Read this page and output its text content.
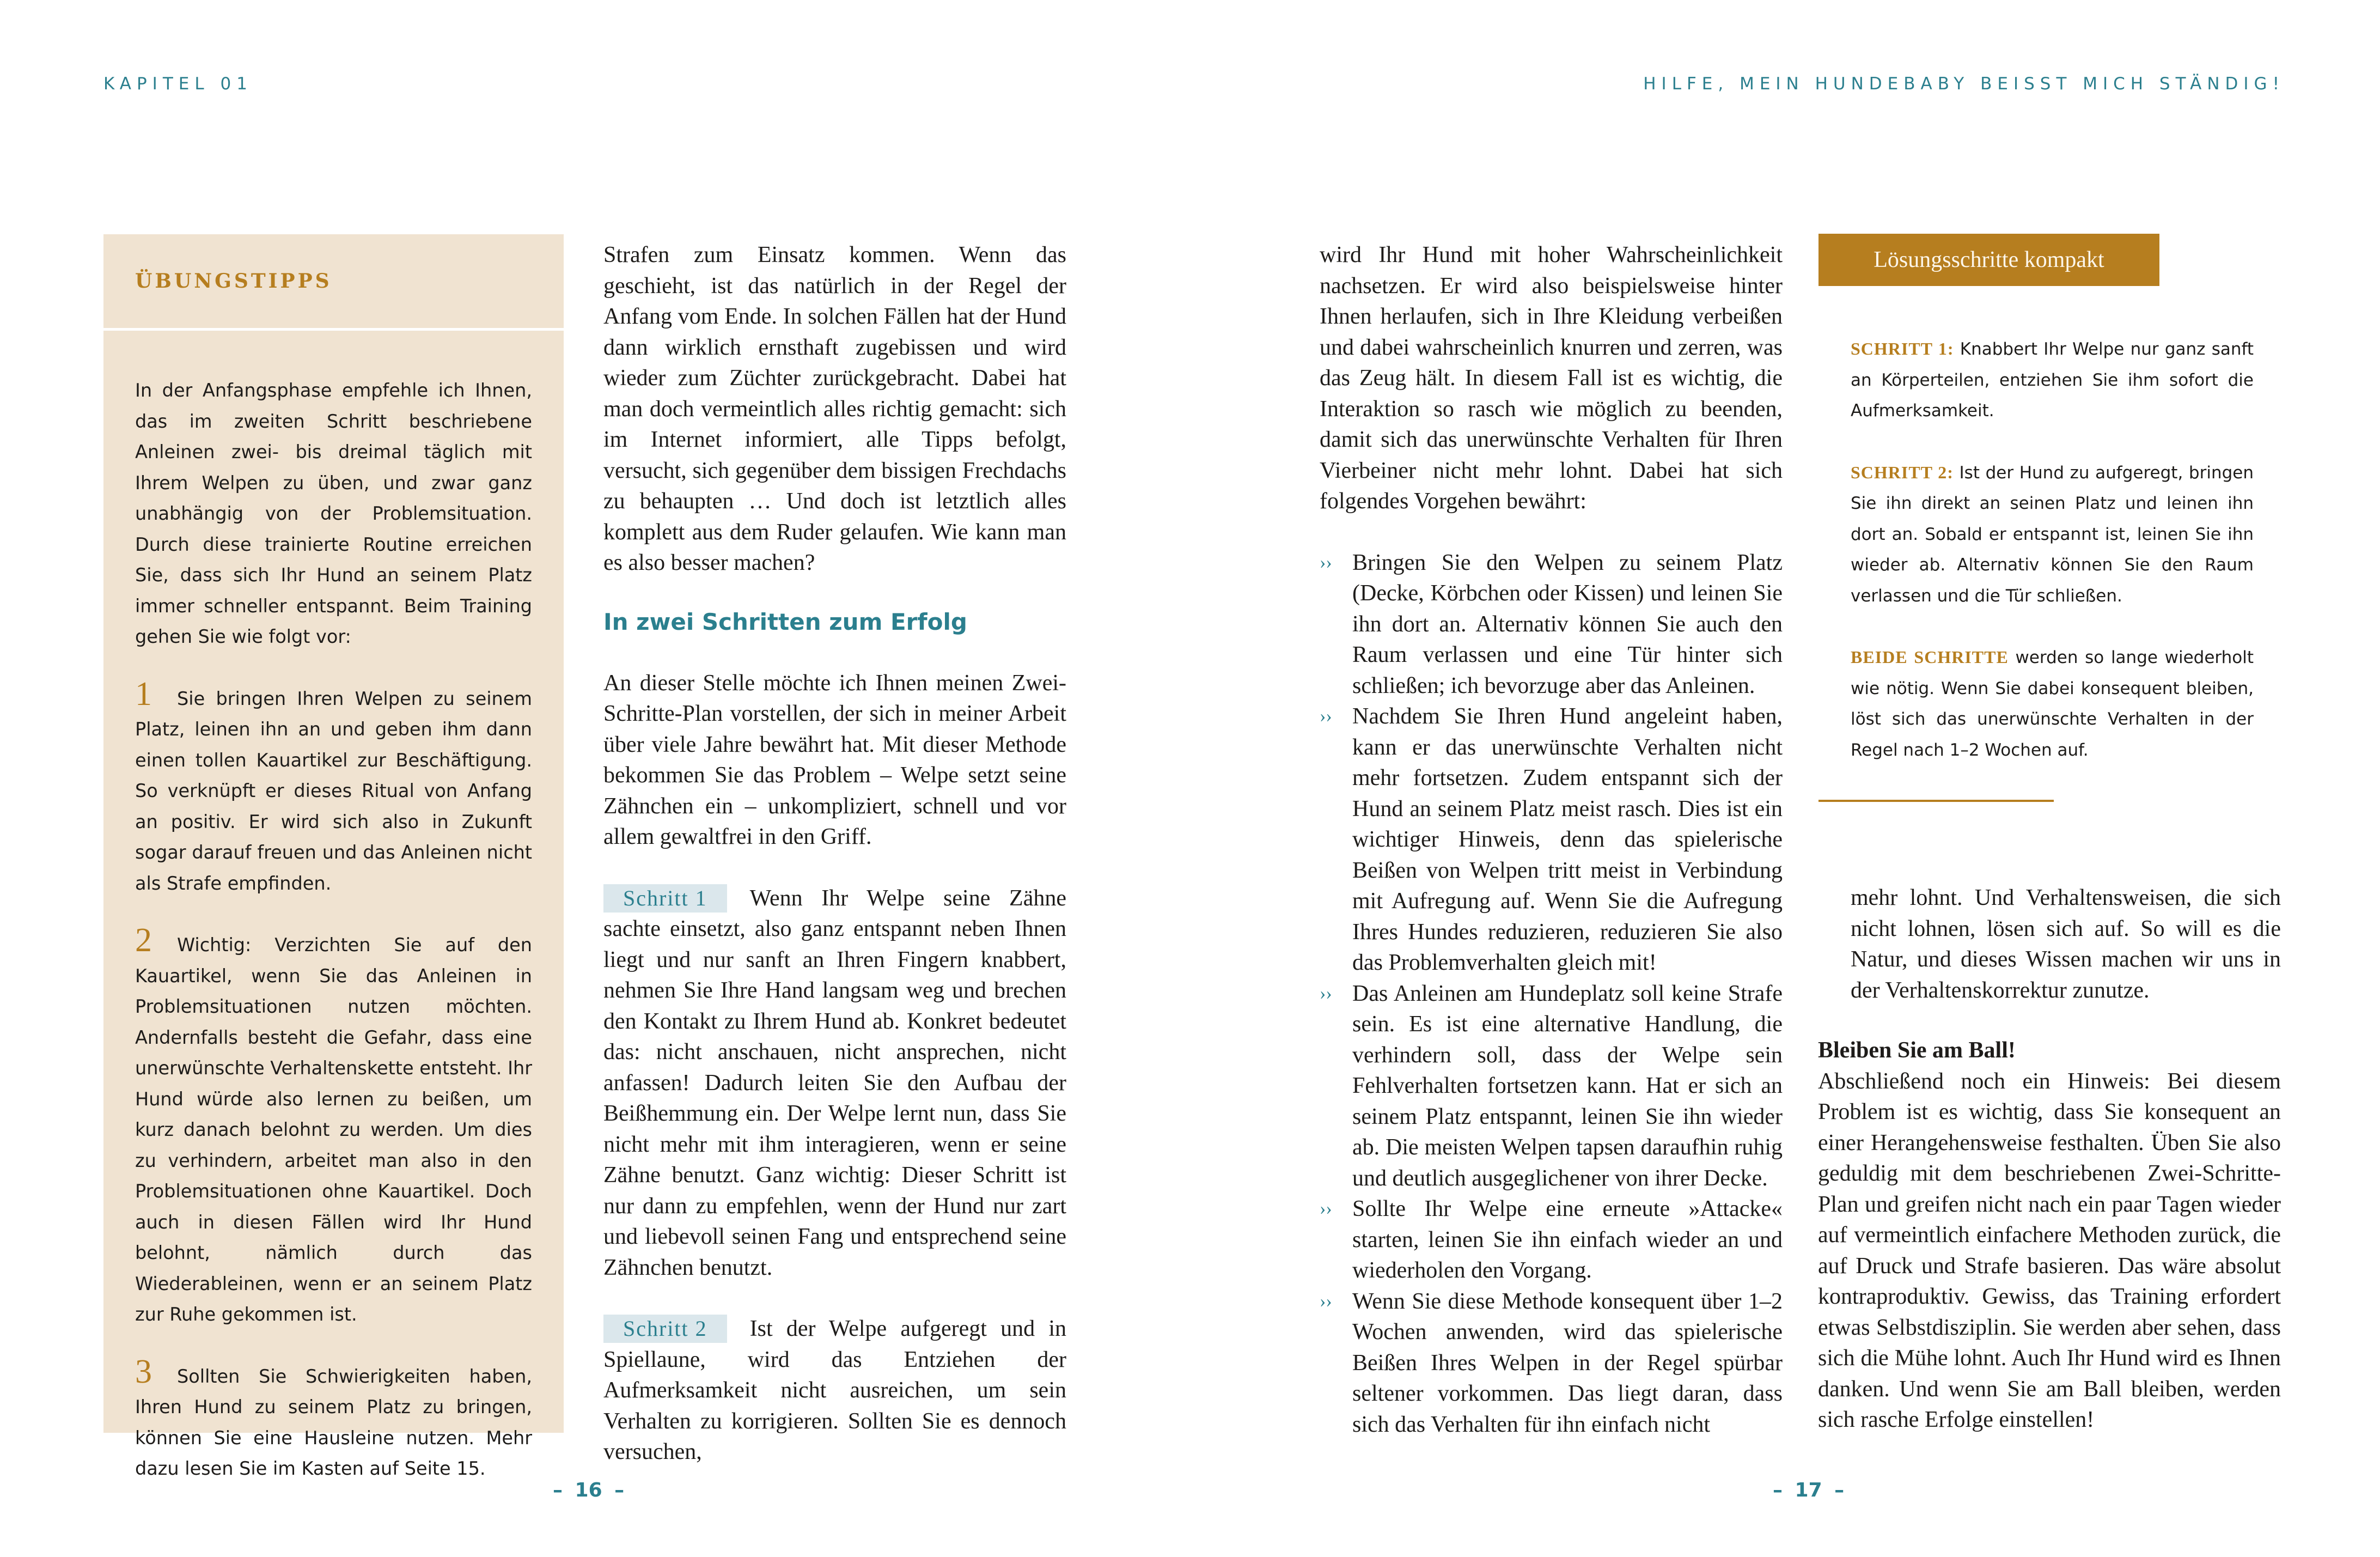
KAPITEL 01	HILFE, MEIN HUNDEBABY BEISST MICH STÄNDIG!
ÜBUNGSTIPPS

In der Anfangsphase empfehle ich Ihnen, das im zweiten Schritt beschriebene Anleinen zwei- bis dreimal täglich mit Ihrem Welpen zu üben, und zwar ganz unabhängig von der Problemsituation. Durch diese trainierte Routine erreichen Sie, dass sich Ihr Hund an seinem Platz immer schneller entspannt. Beim Training gehen Sie wie folgt vor:

1 Sie bringen Ihren Welpen zu seinem Platz, leinen ihn an und geben ihm dann einen tollen Kauartikel zur Beschäftigung. So verknüpft er dieses Ritual von Anfang an positiv. Er wird sich also in Zukunft sogar darauf freuen und das Anleinen nicht als Strafe empfinden.

2 Wichtig: Verzichten Sie auf den Kauartikel, wenn Sie das Anleinen in Problemsituationen nutzen möchten. Andernfalls besteht die Gefahr, dass eine unerwünschte Verhaltenskette entsteht. Ihr Hund würde also lernen zu beißen, um kurz danach belohnt zu werden. Um dies zu verhindern, arbeitet man also in den Problemsituationen ohne Kauartikel. Doch auch in diesen Fällen wird Ihr Hund belohnt, nämlich durch das Wiederableinen, wenn er an seinem Platz zur Ruhe gekommen ist.

3 Sollten Sie Schwierigkeiten haben, Ihren Hund zu seinem Platz zu bringen, können Sie eine Hausleine nutzen. Mehr dazu lesen Sie im Kasten auf Seite 15.

Strafen zum Einsatz kommen. Wenn das geschieht, ist das natürlich in der Regel der Anfang vom Ende. In solchen Fällen hat der Hund dann wirklich ernsthaft zugebissen und wird wieder zum Züchter zurückgebracht. Dabei hat man doch vermeintlich alles richtig gemacht: sich im Internet informiert, alle Tipps befolgt, versucht, sich gegenüber dem bissigen Frechdachs zu behaupten … Und doch ist letztlich alles komplett aus dem Ruder gelaufen. Wie kann man es also besser machen?

In zwei Schritten zum Erfolg

An dieser Stelle möchte ich Ihnen meinen Zwei-Schritte-Plan vorstellen, der sich in meiner Arbeit über viele Jahre bewährt hat. Mit dieser Methode bekommen Sie das Problem – Welpe setzt seine Zähnchen ein – unkompliziert, schnell und vor allem gewaltfrei in den Griff.

Schritt 1 Wenn Ihr Welpe seine Zähne sachte einsetzt, also ganz entspannt neben Ihnen liegt und nur sanft an Ihren Fingern knabbert, nehmen Sie Ihre Hand langsam weg und brechen den Kontakt zu Ihrem Hund ab. Konkret bedeutet das: nicht anschauen, nicht ansprechen, nicht anfassen! Dadurch leiten Sie den Aufbau der Beißhemmung ein. Der Welpe lernt nun, dass Sie nicht mehr mit ihm interagieren, wenn er seine Zähne benutzt. Ganz wichtig: Dieser Schritt ist nur dann zu empfehlen, wenn der Hund nur zart und liebevoll seinen Fang und entsprechend seine Zähnchen benutzt.

Schritt 2 Ist der Welpe aufgeregt und in Spiellaune, wird das Entziehen der Aufmerksamkeit nicht ausreichen, um sein Verhalten zu korrigieren. Sollten Sie es dennoch versuchen,

– 16 –

wird Ihr Hund mit hoher Wahrscheinlichkeit nachsetzen. Er wird also beispielsweise hinter Ihnen herlaufen, sich in Ihre Kleidung verbeißen und dabei wahrscheinlich knurren und zerren, was das Zeug hält. In diesem Fall ist es wichtig, die Interaktion so rasch wie möglich zu beenden, damit sich das unerwünschte Verhalten für Ihren Vierbeiner nicht mehr lohnt. Dabei hat sich folgendes Vorgehen bewährt:

›› Bringen Sie den Welpen zu seinem Platz (Decke, Körbchen oder Kissen) und leinen Sie ihn dort an. Alternativ können Sie auch den Raum verlassen und eine Tür hinter sich schließen; ich bevorzuge aber das Anleinen.
›› Nachdem Sie Ihren Hund angeleint haben, kann er das unerwünschte Verhalten nicht mehr fortsetzen. Zudem entspannt sich der Hund an seinem Platz meist rasch. Dies ist ein wichtiger Hinweis, denn das spielerische Beißen von Welpen tritt meist in Verbindung mit Aufregung auf. Wenn Sie die Aufregung Ihres Hundes reduzieren, reduzieren Sie also das Problemverhalten gleich mit!
›› Das Anleinen am Hundeplatz soll keine Strafe sein. Es ist eine alternative Handlung, die verhindern soll, dass der Welpe sein Fehlverhalten fortsetzen kann. Hat er sich an seinem Platz entspannt, leinen Sie ihn wieder ab. Die meisten Welpen tapsen daraufhin ruhig und deutlich ausgeglichener von ihrer Decke.
›› Sollte Ihr Welpe eine erneute »Attacke« starten, leinen Sie ihn einfach wieder an und wiederholen den Vorgang.
›› Wenn Sie diese Methode konsequent über 1–2 Wochen anwenden, wird das spielerische Beißen Ihres Welpen in der Regel spürbar seltener vorkommen. Das liegt daran, dass sich das Verhalten für ihn einfach nicht
Lösungsschritte kompakt

SCHRITT 1: Knabbert Ihr Welpe nur ganz sanft an Körperteilen, entziehen Sie ihm sofort die Aufmerksamkeit.

SCHRITT 2: Ist der Hund zu aufgeregt, bringen Sie ihn direkt an seinen Platz und leinen ihn dort an. Sobald er entspannt ist, leinen Sie ihn wieder ab. Alternativ können Sie den Raum verlassen und die Tür schließen.

BEIDE SCHRITTE werden so lange wiederholt wie nötig. Wenn Sie dabei konsequent bleiben, löst sich das unerwünschte Verhalten in der Regel nach 1–2 Wochen auf.

mehr lohnt. Und Verhaltensweisen, die sich nicht lohnen, lösen sich auf. So will es die Natur, und dieses Wissen machen wir uns in der Verhaltenskorrektur zunutze.

Bleiben Sie am Ball!

Abschließend noch ein Hinweis: Bei diesem Problem ist es wichtig, dass Sie konsequent an einer Herangehensweise festhalten. Üben Sie also geduldig mit dem beschriebenen Zwei-Schritte-Plan und greifen nicht nach ein paar Tagen wieder auf vermeintlich einfachere Methoden zurück, die auf Druck und Strafe basieren. Das wäre absolut kontraproduktiv. Gewiss, das Training erfordert etwas Selbstdisziplin. Sie werden aber sehen, dass sich die Mühe lohnt. Auch Ihr Hund wird es Ihnen danken. Und wenn Sie am Ball bleiben, werden sich rasche Erfolge einstellen!

– 17 –
